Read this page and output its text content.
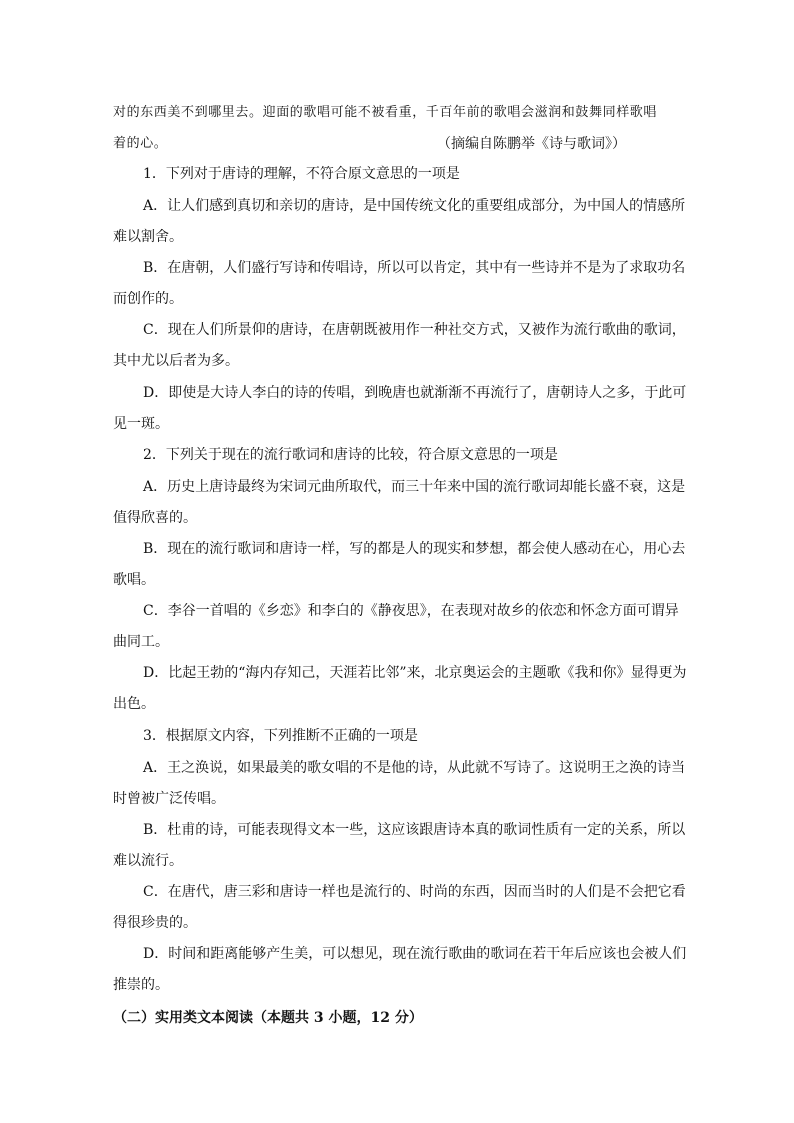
对的东西美不到哪里去。迎面的歌唱可能不被看重，千百年前的歌唱会滋润和鼓舞同样歌唱
着的心。	（摘编自陈鹏举《诗与歌词》）
1．下列对于唐诗的理解，不符合原文意思的一项是
A．让人们感到真切和亲切的唐诗，是中国传统文化的重要组成部分，为中国人的情感所
难以割舍。
B．在唐朝，人们盛行写诗和传唱诗，所以可以肯定，其中有一些诗并不是为了求取功名
而创作的。
C．现在人们所景仰的唐诗，在唐朝既被用作一种社交方式，又被作为流行歌曲的歌词，
其中尤以后者为多。
D．即使是大诗人李白的诗的传唱，到晚唐也就渐渐不再流行了，唐朝诗人之多，于此可
见一斑。
2．下列关于现在的流行歌词和唐诗的比较，符合原文意思的一项是
A．历史上唐诗最终为宋词元曲所取代，而三十年来中国的流行歌词却能长盛不衰，这是
值得欣喜的。
B．现在的流行歌词和唐诗一样，写的都是人的现实和梦想，都会使人感动在心，用心去
歌唱。
C．李谷一首唱的《乡恋》和李白的《静夜思》，在表现对故乡的依恋和怀念方面可谓异
曲同工。
D．比起王勃的“海内存知己，天涯若比邻”来，北京奥运会的主题歌《我和你》显得更为
出色。
3．根据原文内容，下列推断不正确的一项是
A．王之涣说，如果最美的歌女唱的不是他的诗，从此就不写诗了。这说明王之涣的诗当
时曾被广泛传唱。
B．杜甫的诗，可能表现得文本一些，这应该跟唐诗本真的歌词性质有一定的关系，所以
难以流行。
C．在唐代，唐三彩和唐诗一样也是流行的、时尚的东西，因而当时的人们是不会把它看
得很珍贵的。
D．时间和距离能够产生美，可以想见，现在流行歌曲的歌词在若干年后应该也会被人们
推崇的。
（二）实用类文本阅读（本题共 3 小题，12 分）
